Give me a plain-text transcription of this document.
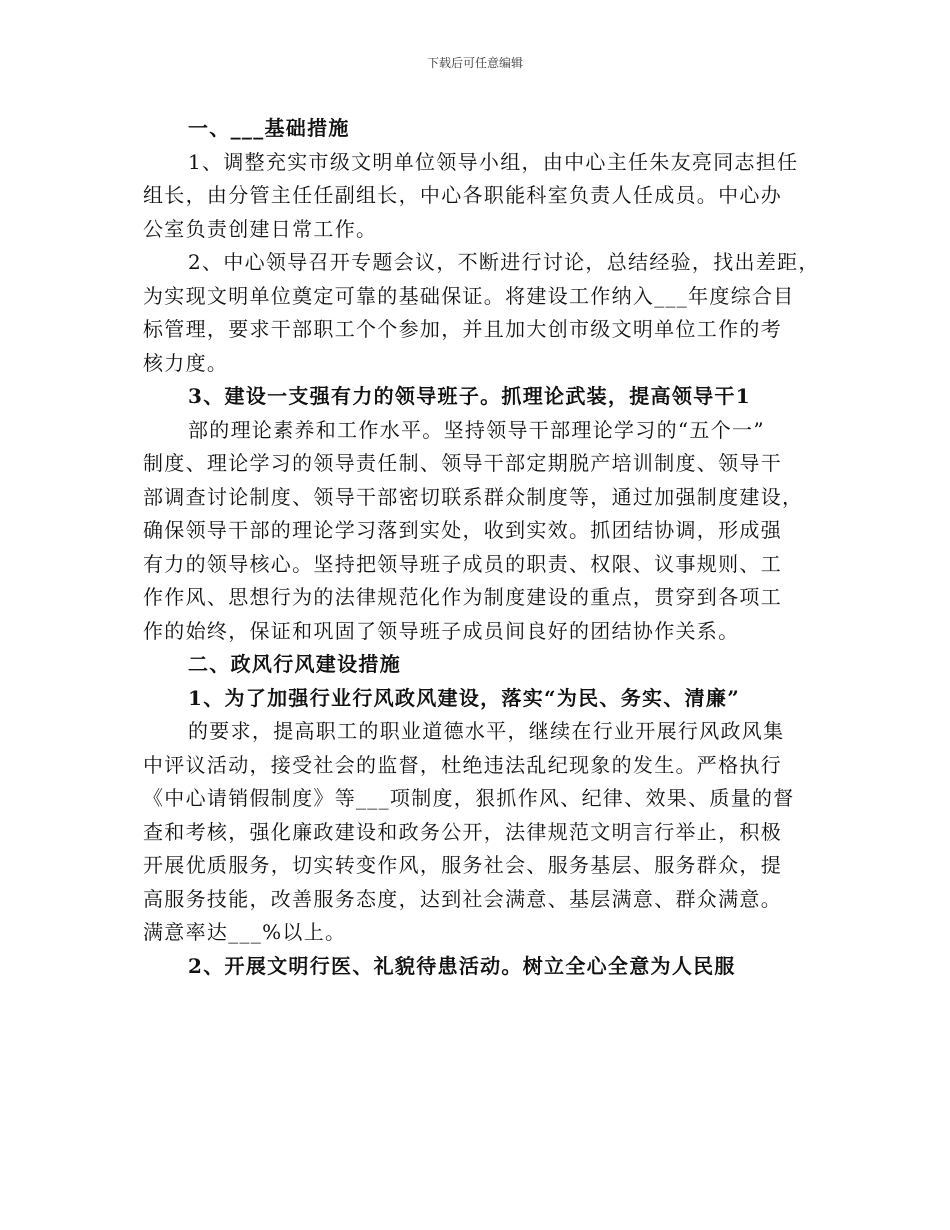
下载后可任意编辑
一、___基础措施
1、调整充实市级文明单位领导小组，由中心主任朱友亮同志担任
组长，由分管主任任副组长，中心各职能科室负责人任成员。中心办
公室负责创建日常工作。
2、中心领导召开专题会议，不断进行讨论，总结经验，找出差距，
为实现文明单位奠定可靠的基础保证。将建设工作纳入___年度综合目
标管理，要求干部职工个个参加，并且加大创市级文明单位工作的考
核力度。
3、建设一支强有力的领导班子。抓理论武装，提高领导干1
部的理论素养和工作水平。坚持领导干部理论学习的“五个一”
制度、理论学习的领导责任制、领导干部定期脱产培训制度、领导干
部调查讨论制度、领导干部密切联系群众制度等，通过加强制度建设，
确保领导干部的理论学习落到实处，收到实效。抓团结协调，形成强
有力的领导核心。坚持把领导班子成员的职责、权限、议事规则、工
作作风、思想行为的法律规范化作为制度建设的重点，贯穿到各项工
作的始终，保证和巩固了领导班子成员间良好的团结协作关系。
二、政风行风建设措施
1、为了加强行业行风政风建设，落实“为民、务实、清廉”
的要求，提高职工的职业道德水平，继续在行业开展行风政风集
中评议活动，接受社会的监督，杜绝违法乱纪现象的发生。严格执行
《中心请销假制度》等___项制度，狠抓作风、纪律、效果、质量的督
查和考核，强化廉政建设和政务公开，法律规范文明言行举止，积极
开展优质服务，切实转变作风，服务社会、服务基层、服务群众，提
高服务技能，改善服务态度，达到社会满意、基层满意、群众满意。
满意率达___%以上。
2、开展文明行医、礼貌待患活动。树立全心全意为人民服
